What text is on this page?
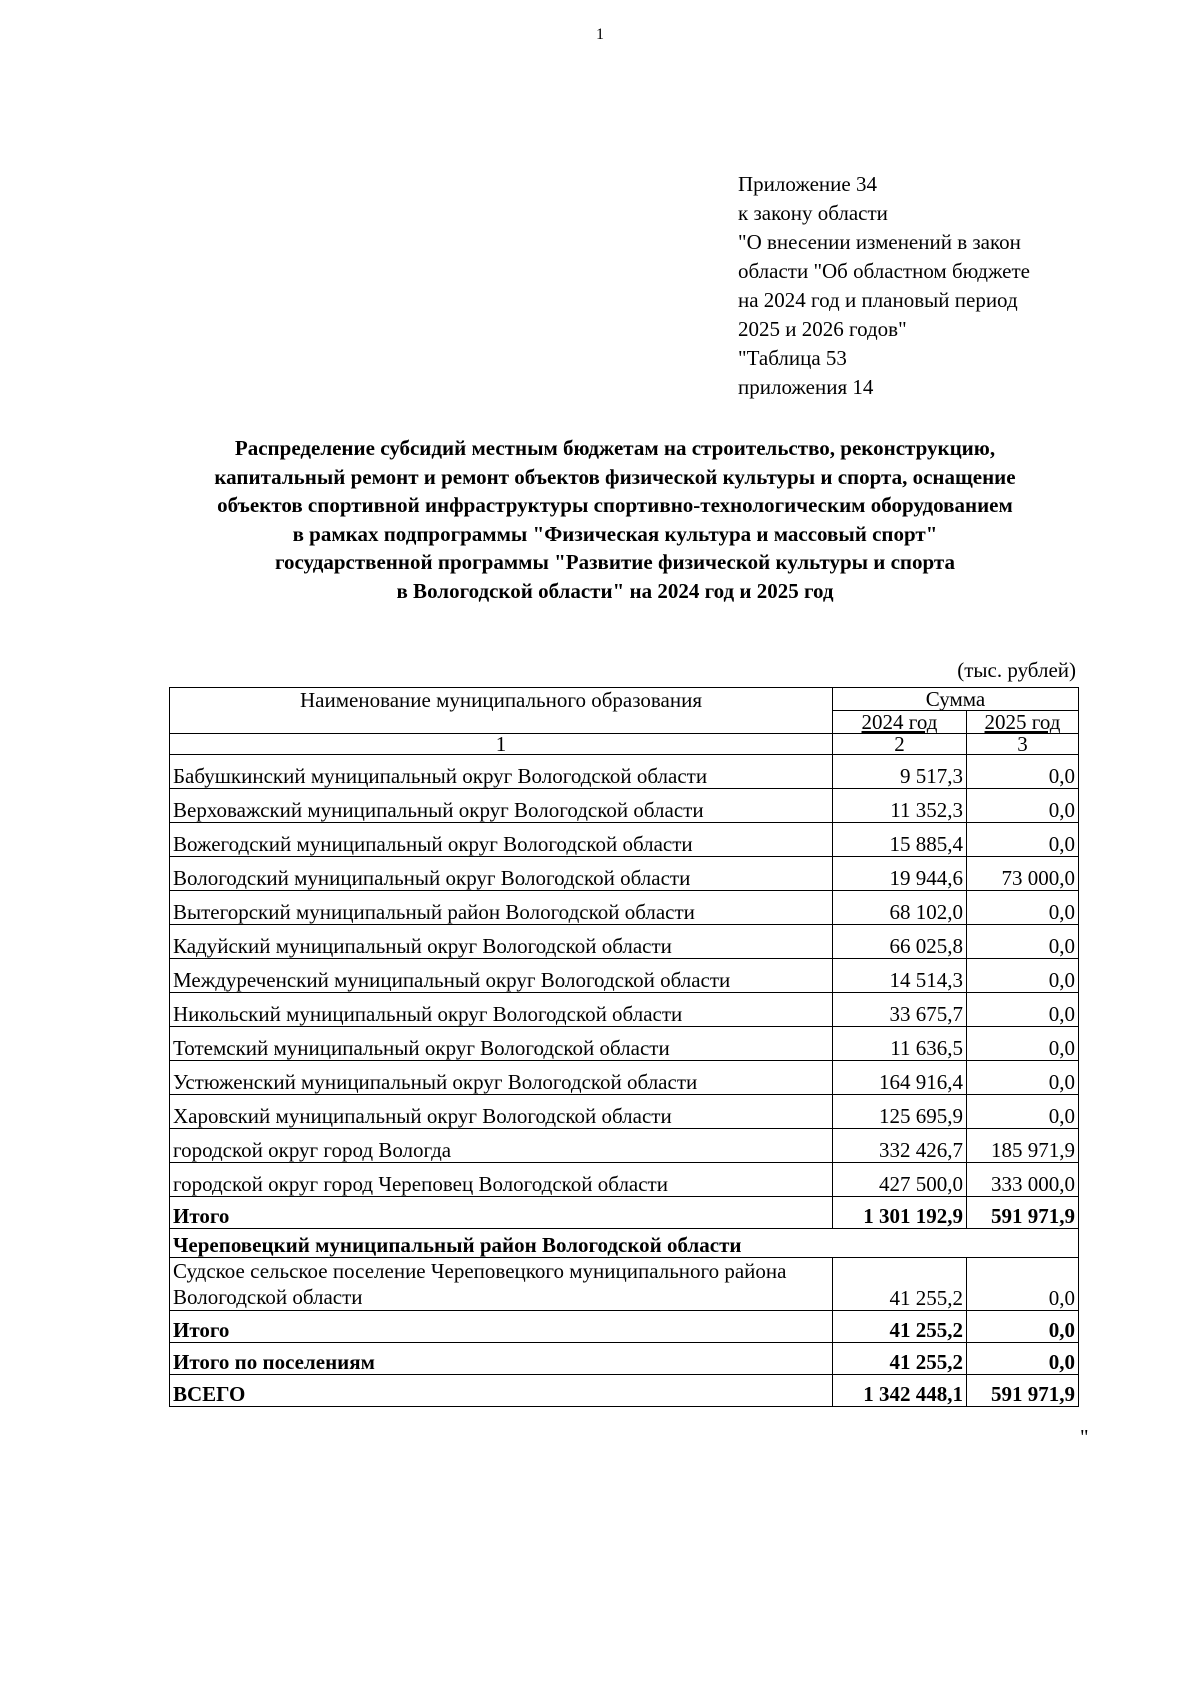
1
Приложение 34
к закону области
"О внесении изменений в закон
области "Об областном бюджете
на 2024 год и плановый период
2025 и 2026 годов"
"Таблица 53
приложения 14
Распределение субсидий местным бюджетам на строительство, реконструкцию,
капитальный ремонт и ремонт объектов физической культуры и спорта, оснащение
объектов спортивной инфраструктуры спортивно-технологическим оборудованием
в рамках подпрограммы "Физическая культура и массовый спорт"
государственной программы "Развитие физической культуры и спорта
в Вологодской области" на 2024 год и 2025 год
(тыс. рублей)
Наименование муниципального образования	Сумма	
	2024 год	2025 год
1	2	3
Бабушкинский муниципальный округ Вологодской области	9 517,3	0,0
Верховажский муниципальный округ Вологодской области	11 352,3	0,0
Вожегодский муниципальный округ Вологодской области	15 885,4	0,0
Вологодский муниципальный округ Вологодской области	19 944,6	73 000,0
Вытегорский муниципальный район Вологодской области	68 102,0	0,0
Кадуйский муниципальный округ Вологодской области	66 025,8	0,0
Междуреченский муниципальный округ Вологодской области	14 514,3	0,0
Никольский муниципальный округ Вологодской области	33 675,7	0,0
Тотемский муниципальный округ Вологодской области	11 636,5	0,0
Устюженский муниципальный округ Вологодской области	164 916,4	0,0
Харовский муниципальный округ Вологодской области	125 695,9	0,0
городской округ город Вологда	332 426,7	185 971,9
городской округ город Череповец Вологодской области	427 500,0	333 000,0
Итого	1 301 192,9	591 971,9
Череповецкий муниципальный район Вологодской области		
Судское сельское поселение Череповецкого муниципального района Вологодской области	41 255,2	0,0
Итого	41 255,2	0,0
Итого по поселениям	41 255,2	0,0
ВСЕГО	1 342 448,1	591 971,9
"
